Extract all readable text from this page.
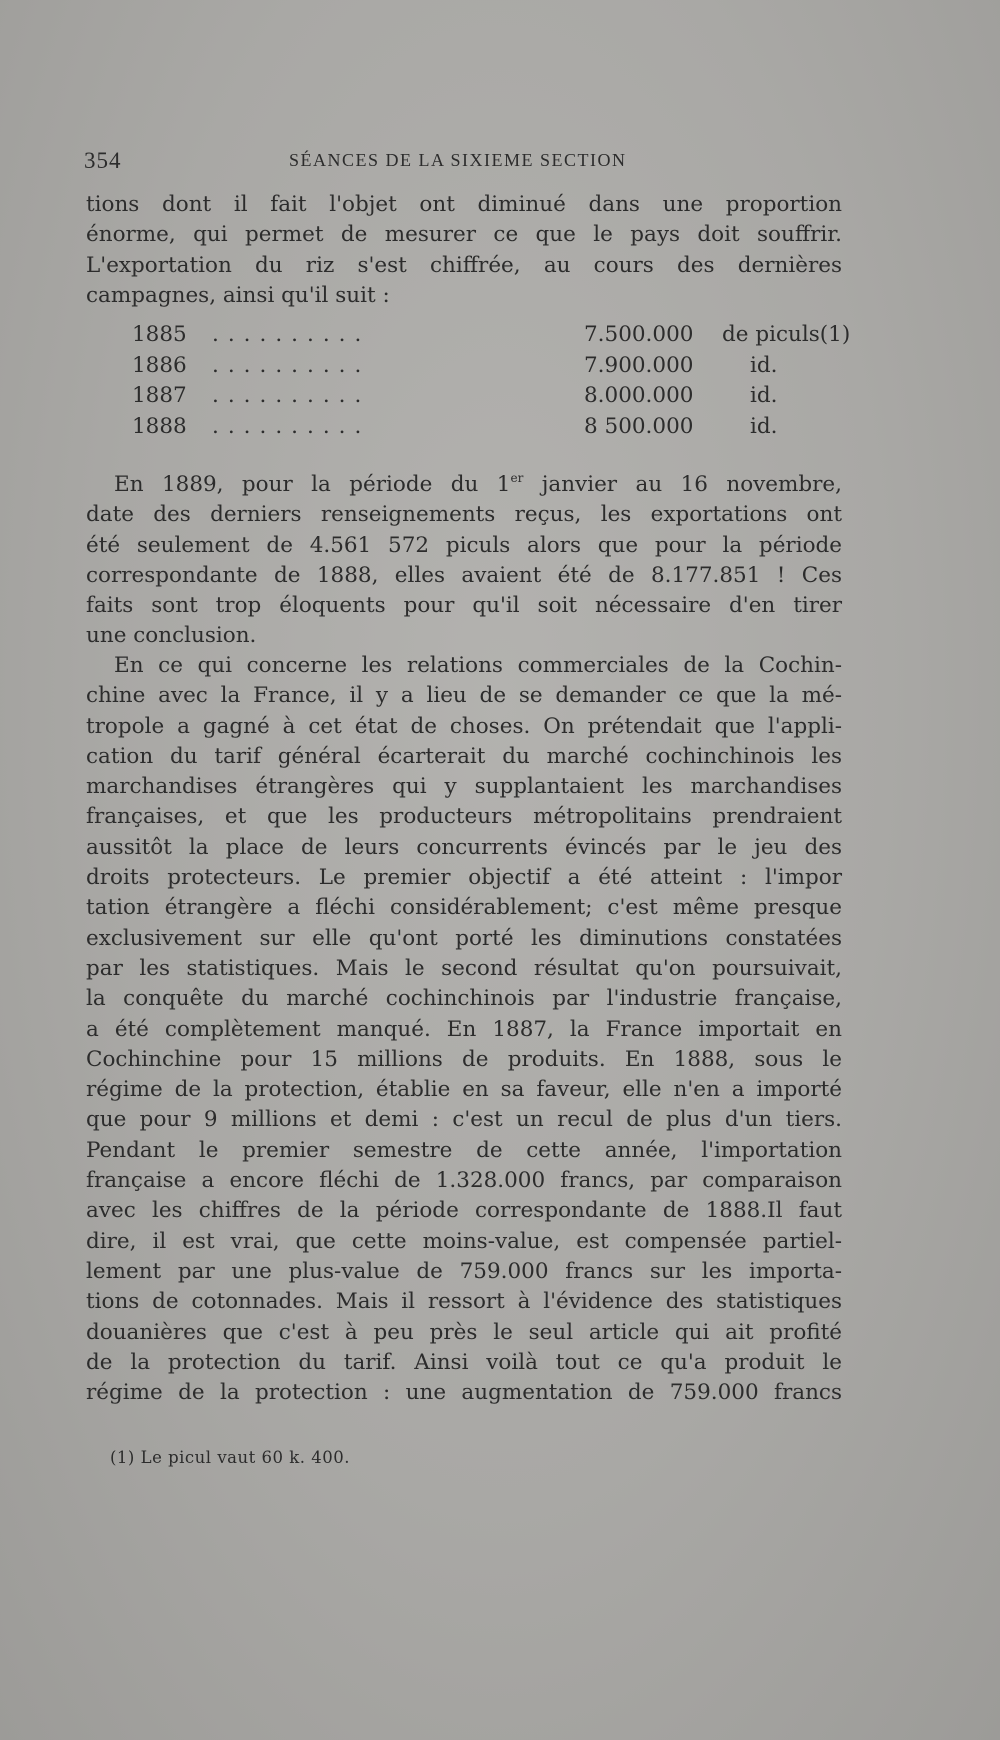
354	SÉANCES DE LA SIXIEME SECTION
tions dont il fait l'objet ont diminué dans une proportion
énorme, qui permet de mesurer ce que le pays doit souffrir.
L'exportation du riz s'est chiffrée, au cours des dernières
campagnes, ainsi qu'il suit :
1885 ..........	7.500.000 de piculs(1)
1886 ..........	7.900.000	id.
1887 ..........	8.000.000	id.
1888 ..........	8 500.000	id.
En 1889, pour la période du 1er janvier au 16 novembre,
date des derniers renseignements reçus, les exportations ont
été seulement de 4.561 572 piculs alors que pour la période
correspondante de 1888, elles avaient été de 8.177.851 ! Ces
faits sont trop éloquents pour qu'il soit nécessaire d'en tirer
une conclusion.
En ce qui concerne les relations commerciales de la Cochin-
chine avec la France, il y a lieu de se demander ce que la mé-
tropole a gagné à cet état de choses. On prétendait que l'appli-
cation du tarif général écarterait du marché cochinchinois les
marchandises étrangères qui y supplantaient les marchandises
françaises, et que les producteurs métropolitains prendraient
aussitôt la place de leurs concurrents évincés par le jeu des
droits protecteurs. Le premier objectif a été atteint : l'impor
tation étrangère a fléchi considérablement; c'est même presque
exclusivement sur elle qu'ont porté les diminutions constatées
par les statistiques. Mais le second résultat qu'on poursuivait,
la conquête du marché cochinchinois par l'industrie française,
a été complètement manqué. En 1887, la France importait en
Cochinchine pour 15 millions de produits. En 1888, sous le
régime de la protection, établie en sa faveur, elle n'en a importé
que pour 9 millions et demi : c'est un recul de plus d'un tiers.
Pendant le premier semestre de cette année, l'importation
française a encore fléchi de 1.328.000 francs, par comparaison
avec les chiffres de la période correspondante de 1888.Il faut
dire, il est vrai, que cette moins-value, est compensée partiel-
lement par une plus-value de 759.000 francs sur les importa-
tions de cotonnades. Mais il ressort à l'évidence des statistiques
douanières que c'est à peu près le seul article qui ait profité
de la protection du tarif. Ainsi voilà tout ce qu'a produit le
régime de la protection : une augmentation de 759.000 francs
(1) Le picul vaut 60 k. 400.
